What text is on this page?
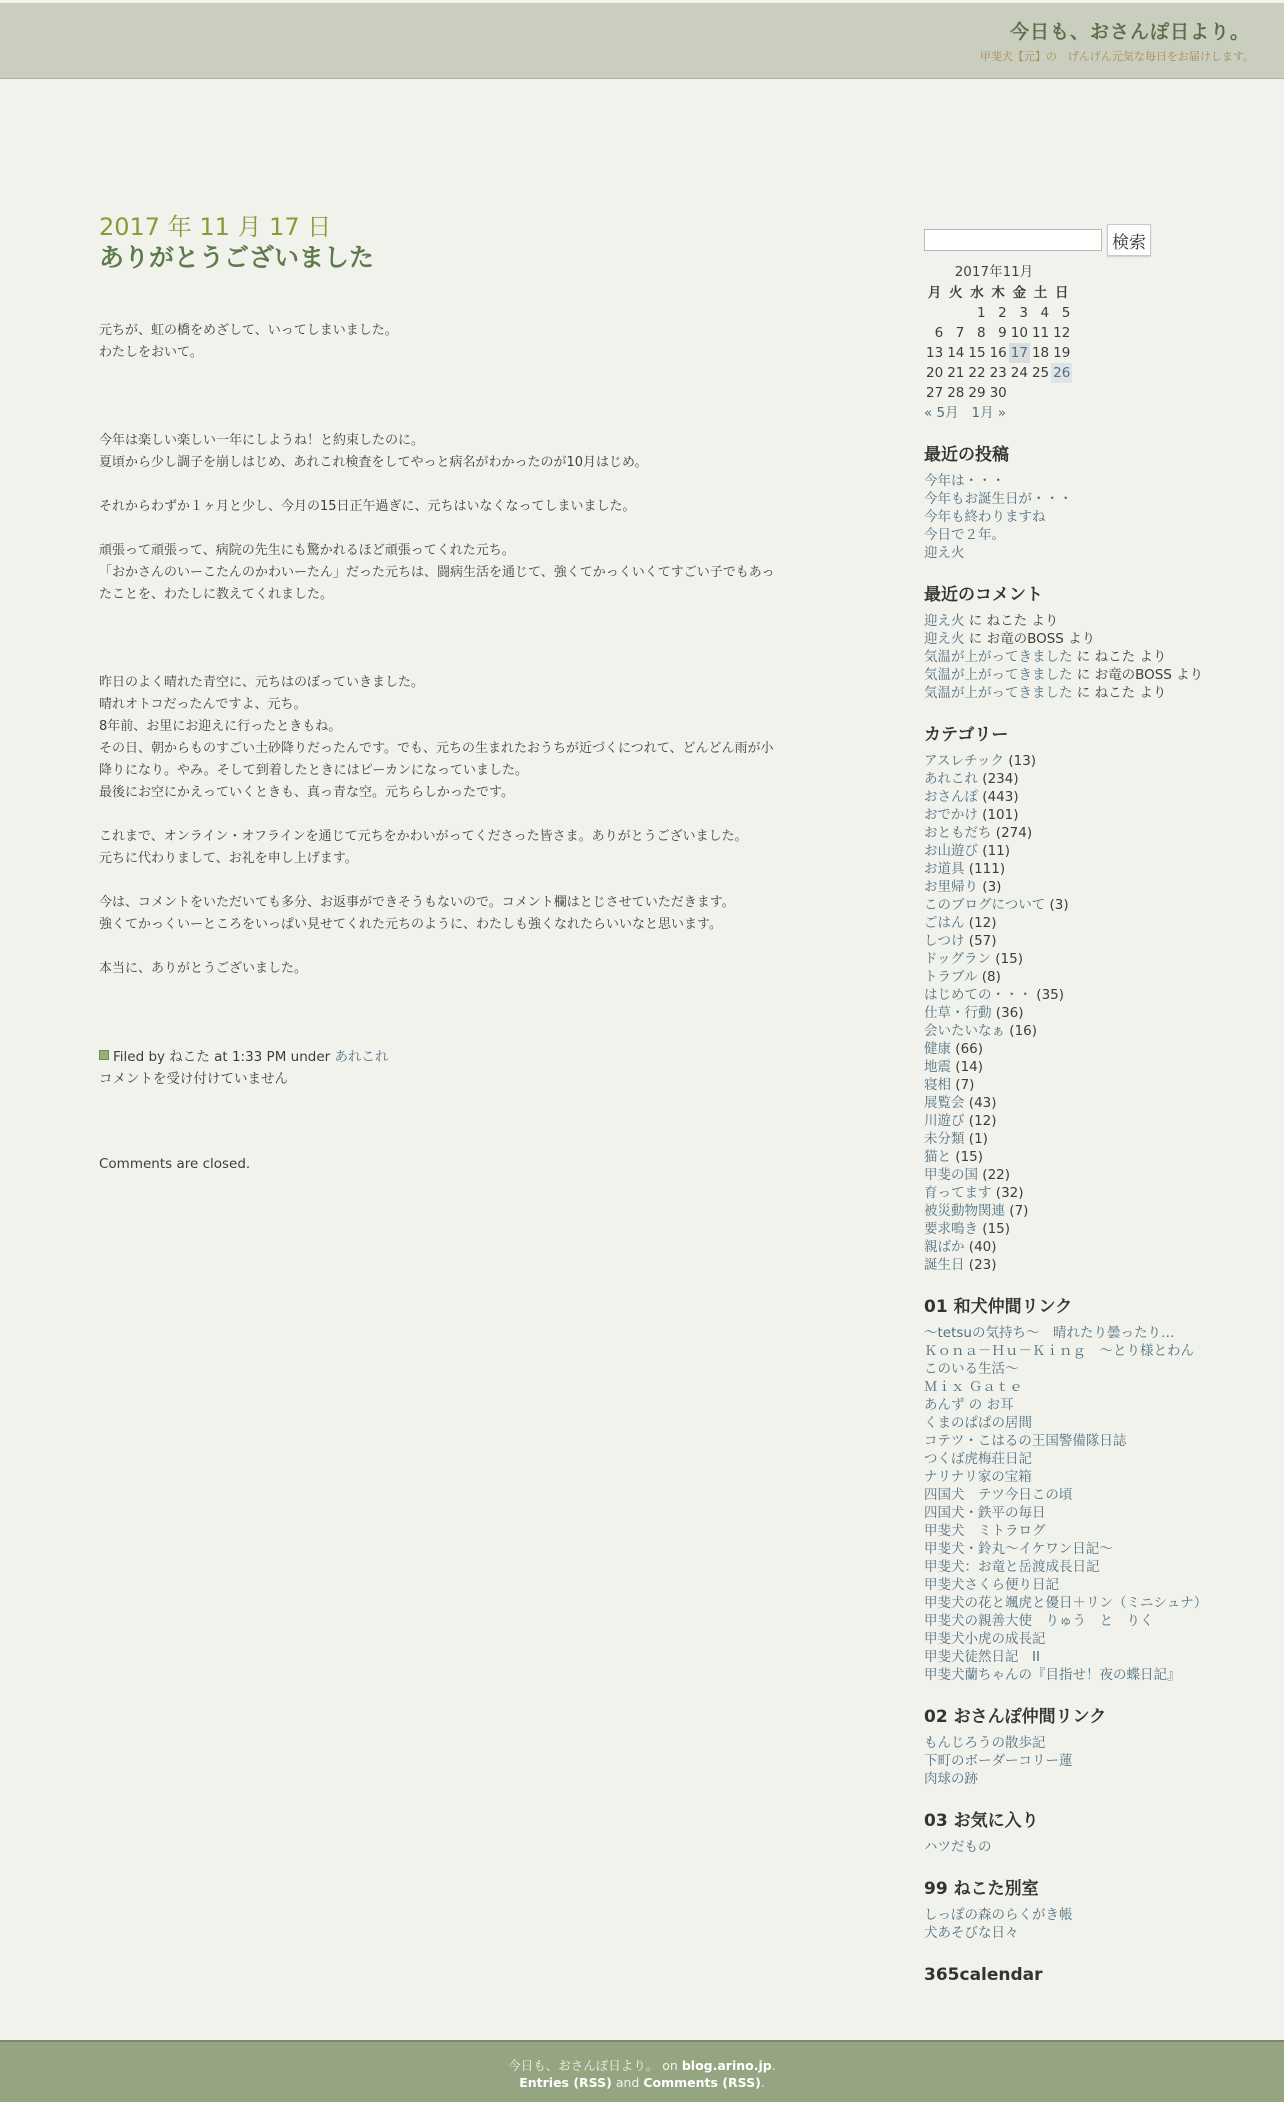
今日も、おさんぽ日より。
甲斐犬【元】の　げんげん元気な毎日をお届けします。
2017 年 11 月 17 日
ありがとうございました

元ちが、虹の橋をめざして、いってしまいました。
わたしをおいて。

今年は楽しい楽しい一年にしようね！と約束したのに。
夏頃から少し調子を崩しはじめ、あれこれ検査をしてやっと病名がわかったのが10月はじめ。

それからわずか１ヶ月と少し、今月の15日正午過ぎに、元ちはいなくなってしまいました。

頑張って頑張って、病院の先生にも驚かれるほど頑張ってくれた元ち。
「おかさんのいーこたんのかわいーたん」だった元ちは、闘病生活を通じて、強くてかっくいくてすごい子でもあったことを、わたしに教えてくれました。

昨日のよく晴れた青空に、元ちはのぼっていきました。
晴れオトコだったんですよ、元ち。
8年前、お里にお迎えに行ったときもね。
その日、朝からものすごい土砂降りだったんです。でも、元ちの生まれたおうちが近づくにつれて、どんどん雨が小降りになり。やみ。そして到着したときにはピーカンになっていました。
最後にお空にかえっていくときも、真っ青な空。元ちらしかったです。

これまで、オンライン・オフラインを通じて元ちをかわいがってくださった皆さま。ありがとうございました。
元ちに代わりまして、お礼を申し上げます。

今は、コメントをいただいても多分、お返事ができそうもないので。コメント欄はとじさせていただきます。
強くてかっくいーところをいっぱい見せてくれた元ちのように、わたしも強くなれたらいいなと思います。

本当に、ありがとうございました。

Filed by ねこた at 1:33 PM under あれこれ
コメントを受け付けていません
Comments are closed.
検索
2017年11月
月	火	水	木	金	土	日
		1	2	3	4	5
6	7	8	9	10	11	12
13	14	15	16	17	18	19
20	21	22	23	24	25	26
27	28	29	30			
« 5月 1月 »
最近の投稿
今年は・・・
今年もお誕生日が・・・
今年も終わりますね
今日で２年。
迎え火
最近のコメント
迎え火 に ねこた より
迎え火 に お竜のBOSS より
気温が上がってきました に ねこた より
気温が上がってきました に お竜のBOSS より
気温が上がってきました に ねこた より
カテゴリー
アスレチック (13)
あれこれ (234)
おさんぽ (443)
おでかけ (101)
おともだち (274)
お山遊び (11)
お道具 (111)
お里帰り (3)
このブログについて (3)
ごはん (12)
しつけ (57)
ドッグラン (15)
トラブル (8)
はじめての・・・ (35)
仕草・行動 (36)
会いたいなぁ (16)
健康 (66)
地震 (14)
寝相 (7)
展覧会 (43)
川遊び (12)
未分類 (1)
猫と (15)
甲斐の国 (22)
育ってます (32)
被災動物関連 (7)
要求鳴き (15)
親ばか (40)
誕生日 (23)
01 和犬仲間リンク
～tetsuの気持ち～　晴れたり曇ったり…
Ｋｏｎａ－Ｈｕ－Ｋｉｎｇ　～とり様とわん
このいる生活～
Ｍｉｘ Ｇａｔｅ
あんず の お耳
くまのぱぱの居間
コテツ・こはるの王国警備隊日誌
つくば虎梅荘日記
ナリナリ家の宝箱
四国犬　テツ今日この頃
四国犬・鉄平の毎日
甲斐犬　ミトラログ
甲斐犬・鈴丸～イケワン日記～
甲斐犬：お竜と岳渡成長日記
甲斐犬さくら便り日記
甲斐犬の花と颯虎と優日＋リン（ミニシュナ）
甲斐犬の親善大使　りゅう　と　りく
甲斐犬小虎の成長記
甲斐犬徒然日記　II
甲斐犬蘭ちゃんの『目指せ！夜の蝶日記』
02 おさんぽ仲間リンク
もんじろうの散歩記
下町のボーダーコリー蓮
肉球の跡
03 お気に入り
ハツだもの
99 ねこた別室
しっぽの森のらくがき帳
犬あそびな日々
365calendar
今日も、おさんぽ日より。 on blog.arino.jp.
Entries (RSS) and Comments (RSS).
